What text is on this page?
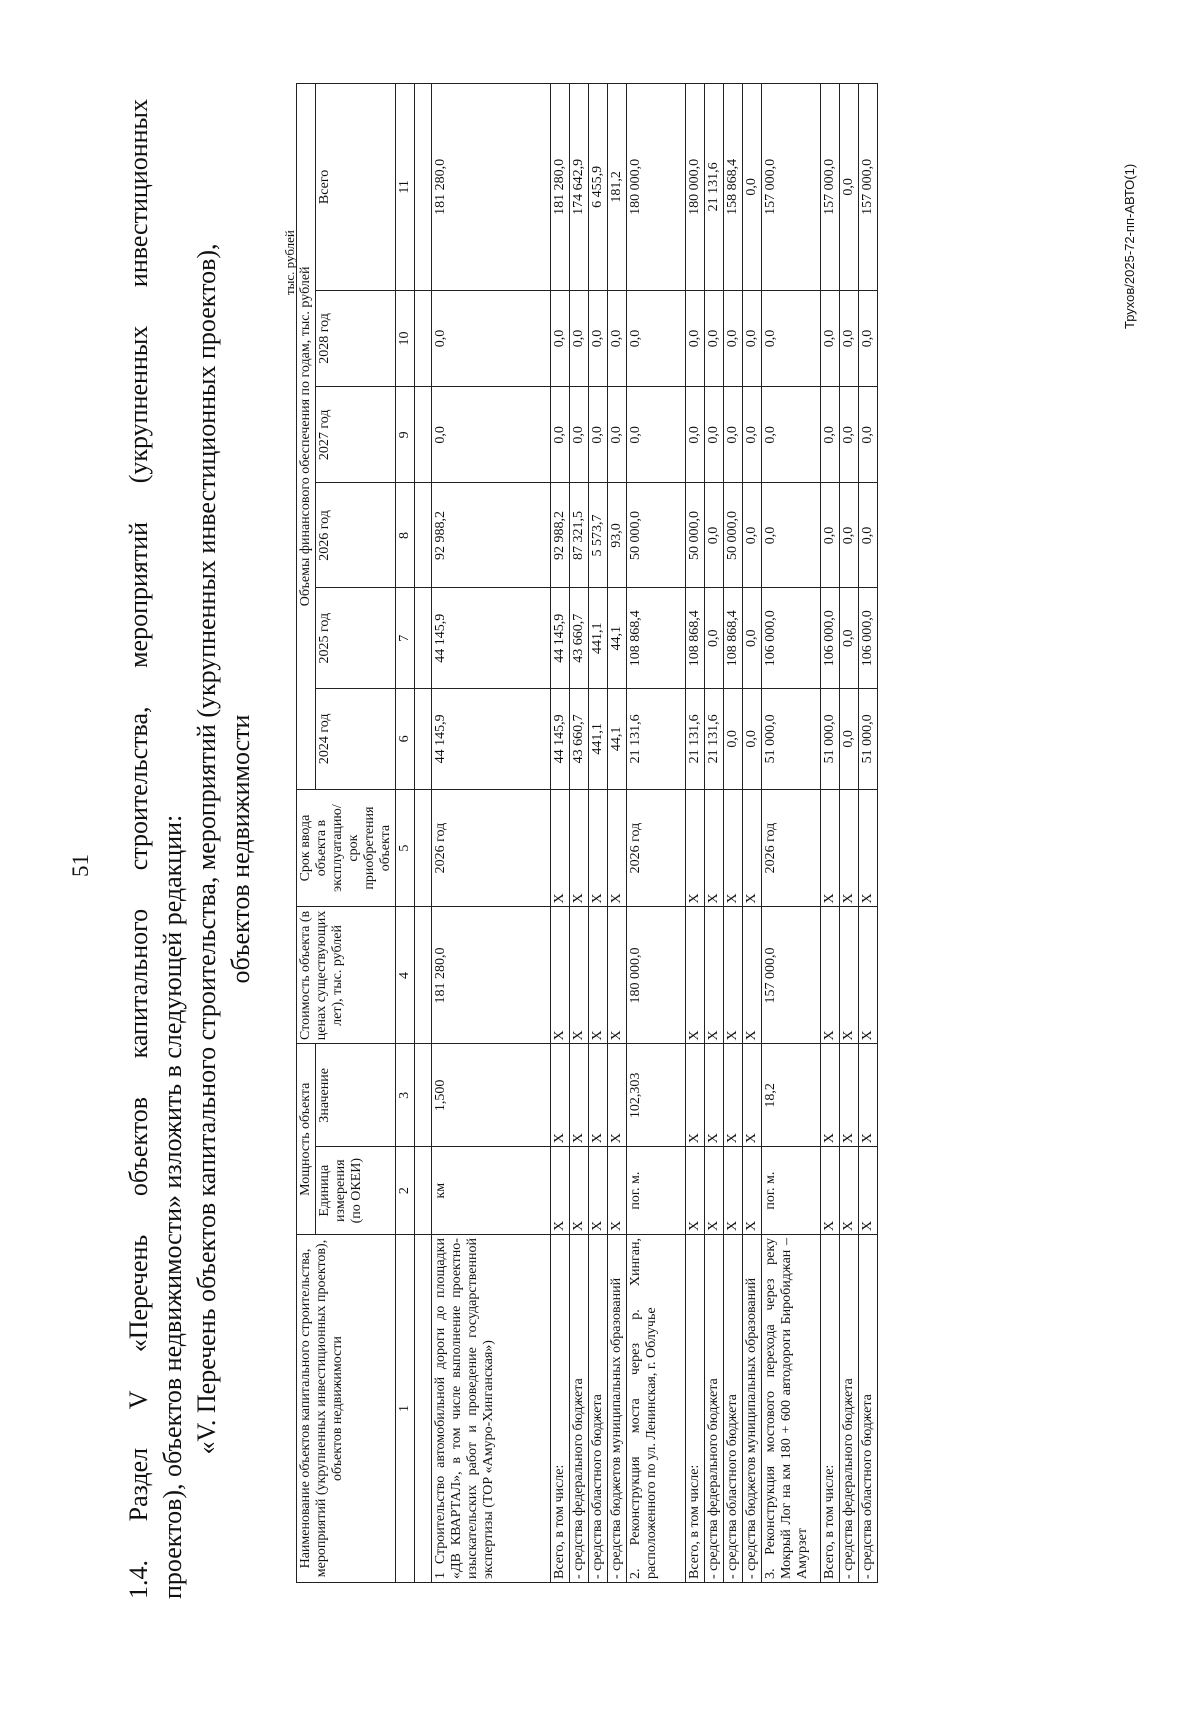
51 1.4. Раздел V «Перечень объектов капитального строительства, мероприятий (укрупненных инвестиционных проектов), объектов недвижимости» изложить в следующей редакции: «V. Перечень объектов капитального строительства, мероприятий (укрупненных инвестиционных проектов), объектов недвижимости

Наименование объектов капитального строительства, мероприятий (укрупненных инвестиционных проектов), объектов недвижимости	Мощность объекта		Стоимость объекта (в ценах существующих лет), тыс. рублей	Срок ввода объекта в эксплуатацию/ срок приобретения объекта	Объемы финансового обеспечения по годам, тыс. рублей					
	Единица измерения (по ОКЕИ)	Значение			2024 год	2025 год	2026 год	2027 год	2028 год	Всего

1	2	3	4	5	6	7	8	9	10	11

1 Строительство автомобильной дороги до площадки «ДВ КВАРТАЛ», в том числе выполнение проектно-изыскательских работ и проведение государственной экспертизы (ТОР «Амуро-Хинганская»)	км	1,500	181 280,0	2026 год	44 145,9	44 145,9	92 988,2	0,0	0,0	181 280,0
Всего, в том числе:	X	X	X	X	44 145,9	44 145,9	92 988,2	0,0	0,0	181 280,0
- средства федерального бюджета	X	X	X	X	43 660,7	43 660,7	87 321,5	0,0	0,0	174 642,9
- средства областного бюджета	X	X	X	X	441,1	441,1	5 573,7	0,0	0,0	6 455,9
- средства бюджетов муниципальных образований	X	X	X	X	44,1	44,1	93,0	0,0	0,0	181,2
2. Реконструкция моста через р. Хинган, расположенного по ул. Ленинская, г. Облучье	пог. м.	102,303	180 000,0	2026 год	21 131,6	108 868,4	50 000,0	0,0	0,0	180 000,0
Всего, в том числе:	X	X	X	X	21 131,6	108 868,4	50 000,0	0,0	0,0	180 000,0
- средства федерального бюджета	X	X	X	X	21 131,6	0,0	0,0	0,0	0,0	21 131,6
- средства областного бюджета	X	X	X	X	0,0	108 868,4	50 000,0	0,0	0,0	158 868,4
- средства бюджетов муниципальных образований	X	X	X	X	0,0	0,0	0,0	0,0	0,0	0,0
3. Реконструкция мостового перехода через реку Мокрый Лог на км 180 + 600 автодороги Биробиджан – Амурзет	пог. м.	18,2	157 000,0	2026 год	51 000,0	106 000,0	0,0	0,0	0,0	157 000,0
Всего, в том числе:	X	X	X	X	51 000,0	106 000,0	0,0	0,0	0,0	157 000,0
- средства федерального бюджета	X	X	X	X	0,0	0,0	0,0	0,0	0,0	0,0
- средства областного бюджета	X	X	X	X	51 000,0	106 000,0	0,0	0,0	0,0	157 000,0
тыс. рублей	Трухов/2025-72-пп-АВТО(1)
